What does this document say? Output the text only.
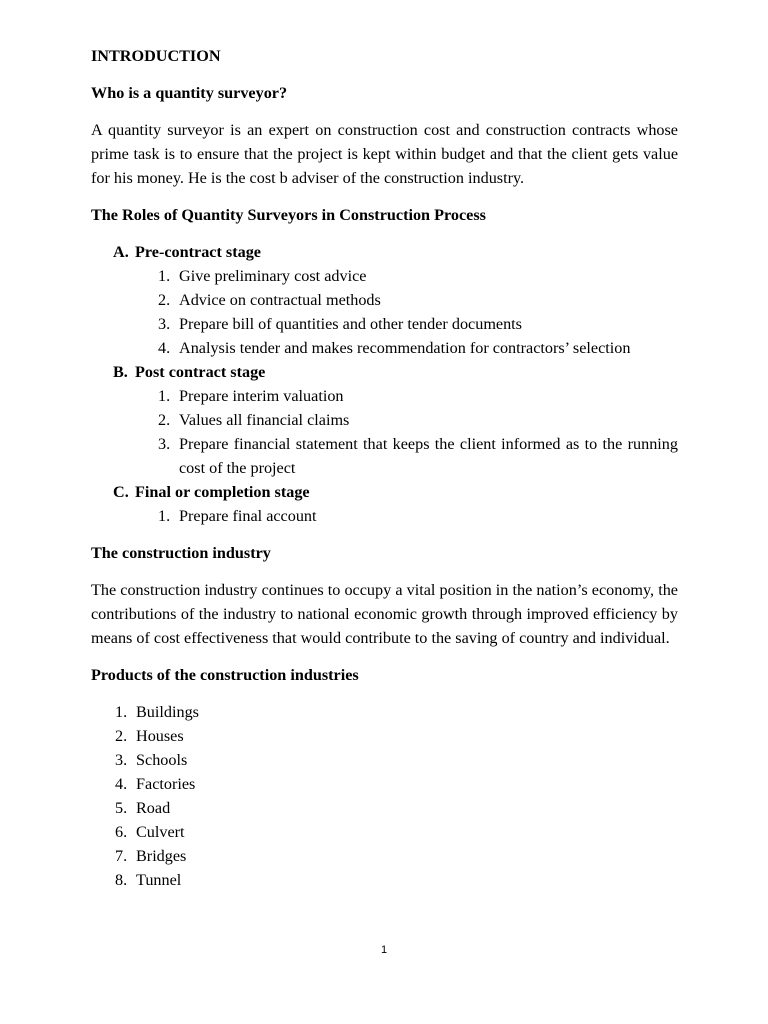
INTRODUCTION

Who is a quantity surveyor?

A quantity surveyor is an expert on construction cost and construction contracts whose prime task is to ensure that the project is kept within budget and that the client gets value for his money. He is the cost b adviser of the construction industry.

The Roles of Quantity Surveyors in Construction Process

A. Pre-contract stage
1. Give preliminary cost advice
2. Advice on contractual methods
3. Prepare bill of quantities and other tender documents
4. Analysis tender and makes recommendation for contractors’ selection
B. Post contract stage
1. Prepare interim valuation
2. Values all financial claims
3. Prepare financial statement that keeps the client informed as to the running cost of the project
C. Final or completion stage
1. Prepare final account

The construction industry

The construction industry continues to occupy a vital position in the nation’s economy, the contributions of the industry to national economic growth through improved efficiency by means of cost effectiveness that would contribute to the saving of country and individual.

Products of the construction industries

1. Buildings
2. Houses
3. Schools
4. Factories
5. Road
6. Culvert
7. Bridges
8. Tunnel
1
